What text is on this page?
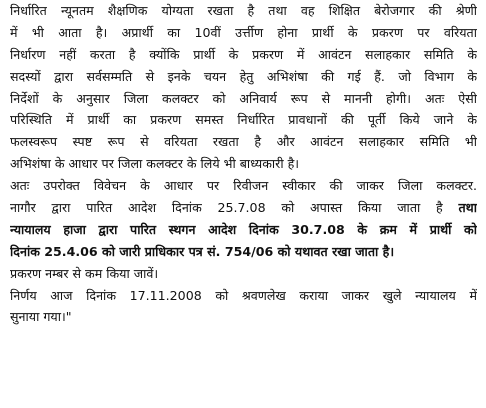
निर्धारित न्यूनतम शैक्षणिक योग्यता रखता है तथा वह शिक्षित बेरोजगार की श्रेणी
में भी आता है। अप्रार्थी का 10वीं उर्त्तीण होना प्रार्थी के प्रकरण पर वरियता
निर्धारण नहीं करता है क्योंकि प्रार्थी के प्रकरण में आवंटन सलाहकार समिति के
सदस्यों द्वारा सर्वसम्मति से इनके चयन हेतु अभिशंषा की गई हैं. जो विभाग के
निर्देशों के अनुसार जिला कलक्टर को अनिवार्य रूप से माननी होगी। अतः ऐसी
परिस्थिति में प्रार्थी का प्रकरण समस्त निर्धारित प्रावधानों की पूर्ती किये जाने के
फलस्वरूप स्पष्ट रूप से वरियता रखता है और आवंटन सलाहकार समिति भी
अभिशंषा के आधार पर जिला कलक्टर के लिये भी बाध्यकारी है।
अतः उपरोक्त विवेचन के आधार पर रिवीजन स्वीकार की जाकर जिला कलक्टर.
नागौर द्वारा पारित आदेश दिनांक 25.7.08 को अपास्त किया जाता है तथा
न्यायालय हाजा द्वारा पारित स्थगन आदेश दिनांक 30.7.08 के क्रम में प्रार्थी को
दिनांक 25.4.06 को जारी प्राधिकार पत्र सं. 754/06 को यथावत रखा जाता है।
प्रकरण नम्बर से कम किया जावें।
निर्णय आज दिनांक 17.11.2008 को श्रवणलेख कराया जाकर खुले न्यायालय में
सुनाया गया।"
